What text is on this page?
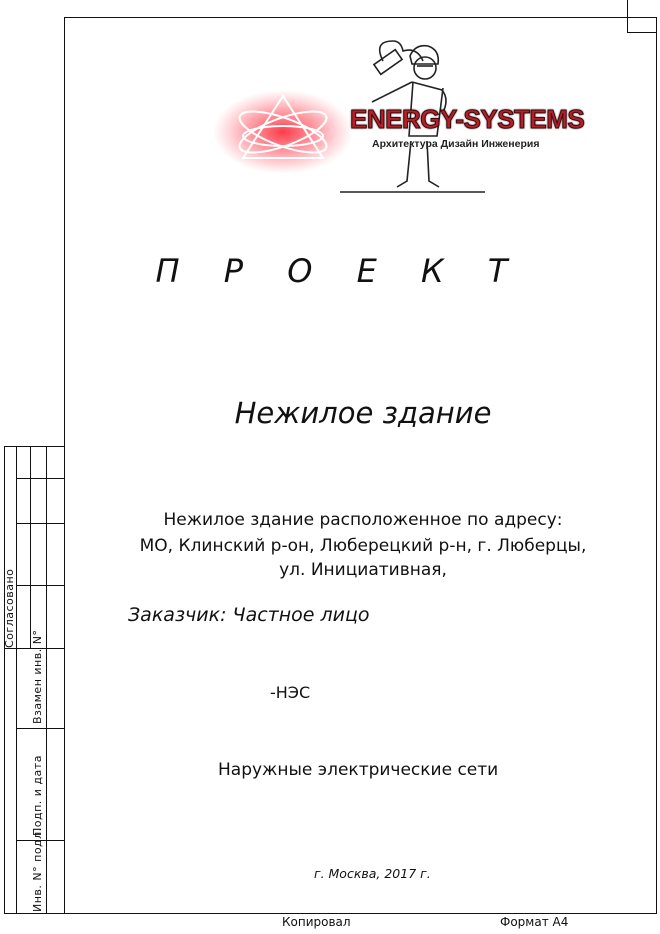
Согласовано
Взамен инв. N°
Подп. и дата
Инв. N° подл.
ENERGY-SYSTEMS
Архитектура Дизайн Инженерия
П Р О Е К Т
Нежилое здание
Нежилое здание расположенное по адресу:
МО, Клинский р-он, Люберецкий р-н, г. Люберцы,
ул. Инициативная,
Заказчик: Частное лицо
-НЭС
Наружные электрические сети
г. Москва, 2017 г.
Копировал	Формат А4
